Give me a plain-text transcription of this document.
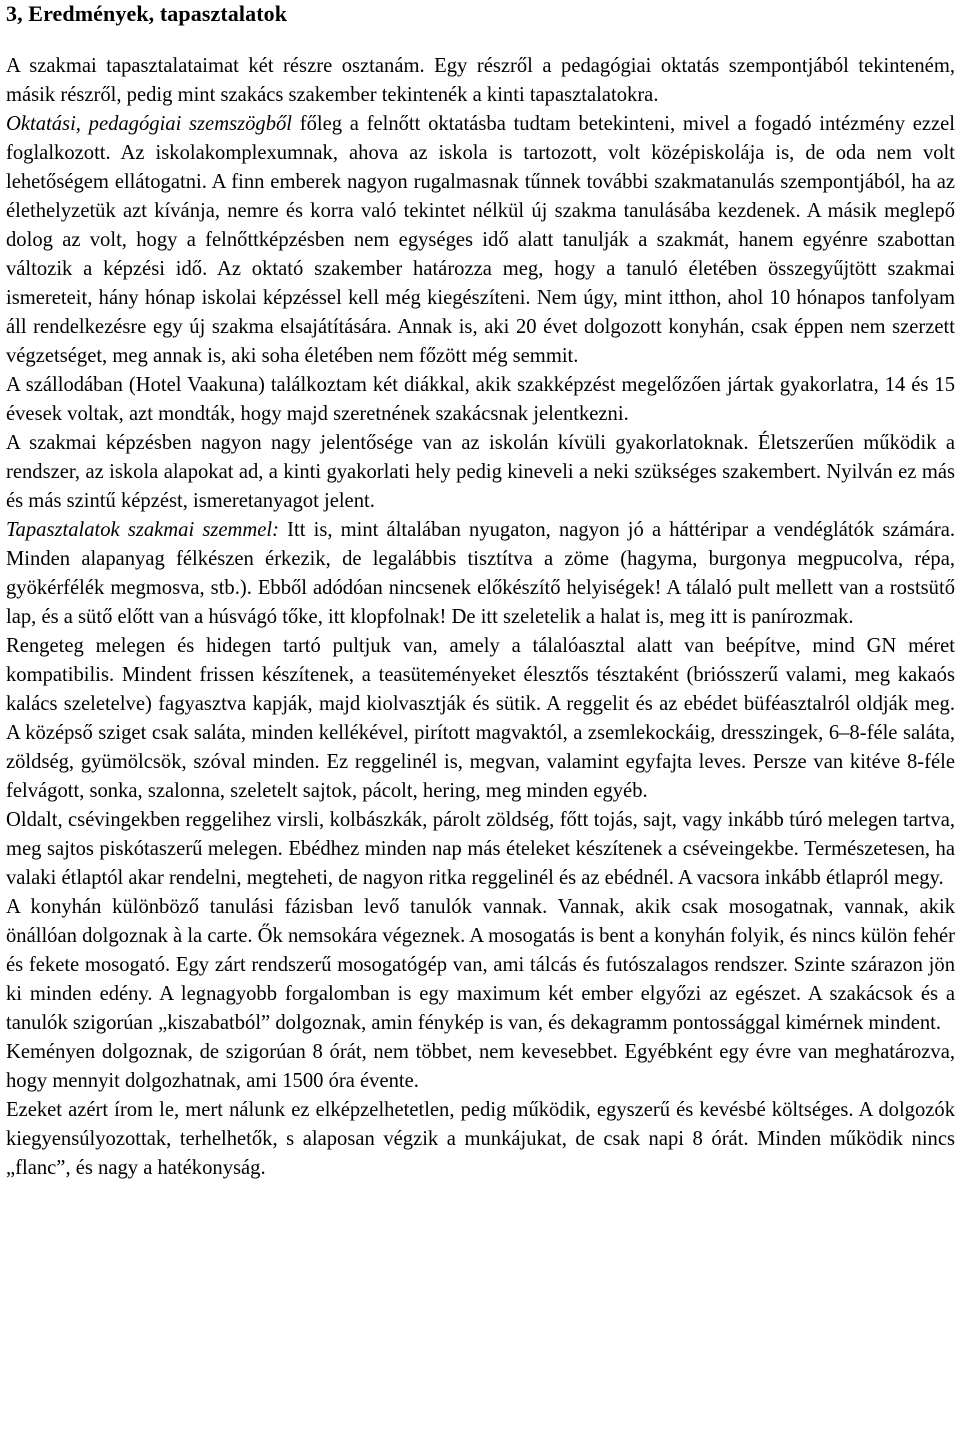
3, Eredmények, tapasztalatok

A szakmai tapasztalataimat két részre osztanám. Egy részről a pedagógiai oktatás szempontjából tekinteném, másik részről, pedig mint szakács szakember tekintenék a kinti tapasztalatokra.

Oktatási, pedagógiai szemszögből főleg a felnőtt oktatásba tudtam betekinteni, mivel a fogadó intézmény ezzel foglalkozott. Az iskolakomplexumnak, ahova az iskola is tartozott, volt középiskolája is, de oda nem volt lehetőségem ellátogatni. A finn emberek nagyon rugalmasnak tűnnek további szakmatanulás szempontjából, ha az élethelyzetük azt kívánja, nemre és korra való tekintet nélkül új szakma tanulásába kezdenek. A másik meglepő dolog az volt, hogy a felnőttképzésben nem egységes idő alatt tanulják a szakmát, hanem egyénre szabottan változik a képzési idő. Az oktató szakember határozza meg, hogy a tanuló életében összegyűjtött szakmai ismereteit, hány hónap iskolai képzéssel kell még kiegészíteni. Nem úgy, mint itthon, ahol 10 hónapos tanfolyam áll rendelkezésre egy új szakma elsajátítására. Annak is, aki 20 évet dolgozott konyhán, csak éppen nem szerzett végzetséget, meg annak is, aki soha életében nem főzött még semmit.

A szállodában (Hotel Vaakuna) találkoztam két diákkal, akik szakképzést megelőzően jártak gyakorlatra, 14 és 15 évesek voltak, azt mondták, hogy majd szeretnének szakácsnak jelentkezni.

A szakmai képzésben nagyon nagy jelentősége van az iskolán kívüli gyakorlatoknak. Életszerűen működik a rendszer, az iskola alapokat ad, a kinti gyakorlati hely pedig kineveli a neki szükséges szakembert. Nyilván ez más és más szintű képzést, ismeretanyagot jelent.

Tapasztalatok szakmai szemmel: Itt is, mint általában nyugaton, nagyon jó a háttéripar a vendéglátók számára. Minden alapanyag félkészen érkezik, de legalábbis tisztítva a zöme (hagyma, burgonya megpucolva, répa, gyökérfélék megmosva, stb.). Ebből adódóan nincsenek előkészítő helyiségek! A tálaló pult mellett van a rostsütő lap, és a sütő előtt van a húsvágó tőke, itt klopfolnak! De itt szeletelik a halat is, meg itt is panírozmak.

Rengeteg melegen és hidegen tartó pultjuk van, amely a tálalóasztal alatt van beépítve, mind GN méret kompatibilis. Mindent frissen készítenek, a teasüteményeket élesztős tésztaként (briósszerű valami, meg kakaós kalács szeletelve) fagyasztva kapják, majd kiolvasztják és sütik. A reggelit és az ebédet büféasztalról oldják meg. A középső sziget csak saláta, minden kellékével, pirított magvaktól, a zsemlekockáig, dresszingek, 6–8-féle saláta, zöldség, gyümölcsök, szóval minden. Ez reggelinél is, megvan, valamint egyfajta leves. Persze van kitéve 8-féle felvágott, sonka, szalonna, szeletelt sajtok, pácolt, hering, meg minden egyéb.

Oldalt, csévingekben reggelihez virsli, kolbászkák, párolt zöldség, főtt tojás, sajt, vagy inkább túró melegen tartva, meg sajtos piskótaszerű melegen. Ebédhez minden nap más ételeket készítenek a cséveingekbe. Természetesen, ha valaki étlaptól akar rendelni, megteheti, de nagyon ritka reggelinél és az ebédnél. A vacsora inkább étlapról megy.

A konyhán különböző tanulási fázisban levő tanulók vannak. Vannak, akik csak mosogatnak, vannak, akik önállóan dolgoznak à la carte. Ők nemsokára végeznek. A mosogatás is bent a konyhán folyik, és nincs külön fehér és fekete mosogató. Egy zárt rendszerű mosogatógép van, ami tálcás és futószalagos rendszer. Szinte szárazon jön ki minden edény. A legnagyobb forgalomban is egy maximum két ember elgyőzi az egészet. A szakácsok és a tanulók szigorúan „kiszabatból” dolgoznak, amin fénykép is van, és dekagramm pontossággal kimérnek mindent.

Keményen dolgoznak, de szigorúan 8 órát, nem többet, nem kevesebbet. Egyébként egy évre van meghatározva, hogy mennyit dolgozhatnak, ami 1500 óra évente.

Ezeket azért írom le, mert nálunk ez elképzelhetetlen, pedig működik, egyszerű és kevésbé költséges. A dolgozók kiegyensúlyozottak, terhelhetők, s alaposan végzik a munkájukat, de csak napi 8 órát. Minden működik nincs „flanc”, és nagy a hatékonyság.
